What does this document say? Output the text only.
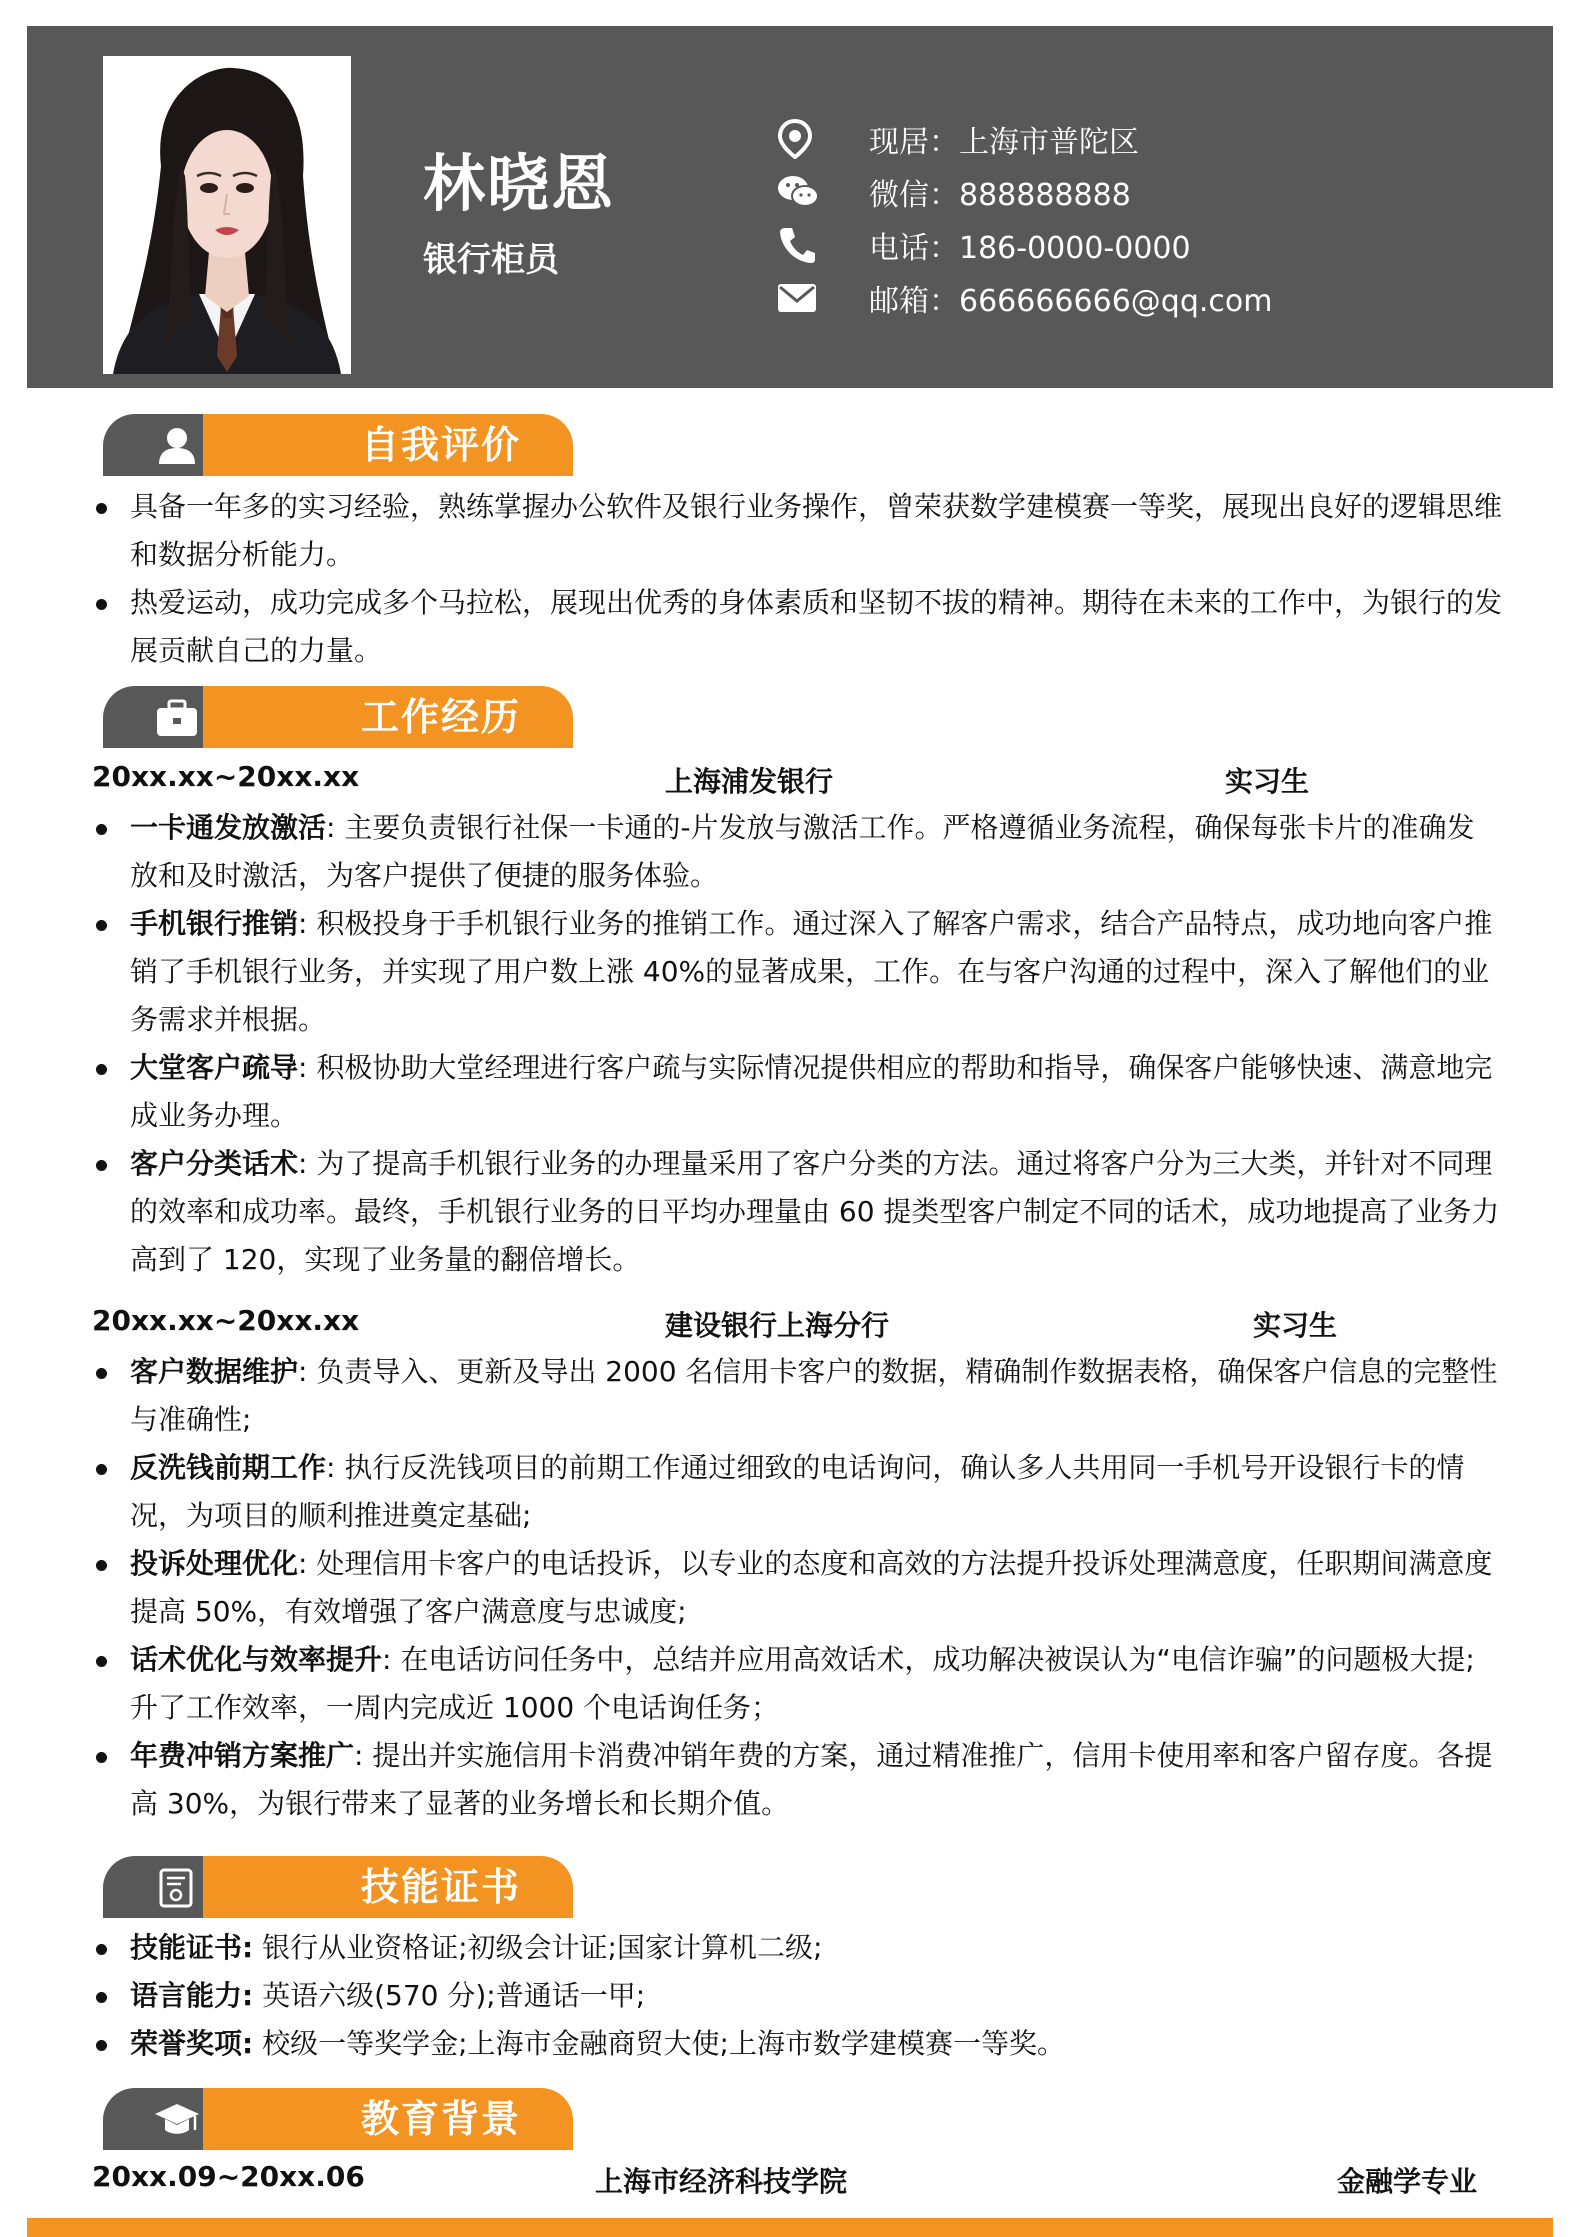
林晓恩
银行柜员
现居：上海市普陀区
微信：888888888
电话：186-0000-0000
邮箱：666666666@qq.com
自我评价
具备一年多的实习经验，熟练掌握办公软件及银行业务操作，曾荣获数学建模赛一等奖，展现出良好的逻辑思维和数据分析能力。
热爱运动，成功完成多个马拉松，展现出优秀的身体素质和坚韧不拔的精神。期待在未来的工作中，为银行的发展贡献自己的力量。
工作经历
20xx.xx~20xx.xx	上海浦发银行	实习生
一卡通发放激活: 主要负责银行社保一卡通的-片发放与激活工作。严格遵循业务流程，确保每张卡片的准确发放和及时激活，为客户提供了便捷的服务体验。
手机银行推销: 积极投身于手机银行业务的推销工作。通过深入了解客户需求，结合产品特点，成功地向客户推销了手机银行业务，并实现了用户数上涨 40%的显著成果，工作。在与客户沟通的过程中，深入了解他们的业务需求并根据。
大堂客户疏导: 积极协助大堂经理进行客户疏与实际情况提供相应的帮助和指导，确保客户能够快速、满意地完成业务办理。
客户分类话术: 为了提高手机银行业务的办理量采用了客户分类的方法。通过将客户分为三大类，并针对不同理的效率和成功率。最终，手机银行业务的日平均办理量由 60 提类型客户制定不同的话术，成功地提高了业务力高到了 120，实现了业务量的翻倍增长。
20xx.xx~20xx.xx	建设银行上海分行	实习生
客户数据维护: 负责导入、更新及导出 2000 名信用卡客户的数据，精确制作数据表格，确保客户信息的完整性与准确性;
反洗钱前期工作: 执行反洗钱项目的前期工作通过细致的电话询问，确认多人共用同一手机号开设银行卡的情况，为项目的顺利推进奠定基础;
投诉处理优化: 处理信用卡客户的电话投诉，以专业的态度和高效的方法提升投诉处理满意度，任职期间满意度提高 50%，有效增强了客户满意度与忠诚度;
话术优化与效率提升: 在电话访问任务中，总结并应用高效话术，成功解决被误认为“电信诈骗”的问题极大提;升了工作效率，一周内完成近 1000 个电话询任务；
年费冲销方案推广: 提出并实施信用卡消费冲销年费的方案，通过精准推广，信用卡使用率和客户留存度。各提高 30%，为银行带来了显著的业务增长和长期介值。
技能证书
技能证书: 银行从业资格证;初级会计证;国家计算机二级;
语言能力: 英语六级(570 分);普通话一甲;
荣誉奖项: 校级一等奖学金;上海市金融商贸大使;上海市数学建模赛一等奖。
教育背景
20xx.09~20xx.06	上海市经济科技学院	金融学专业
